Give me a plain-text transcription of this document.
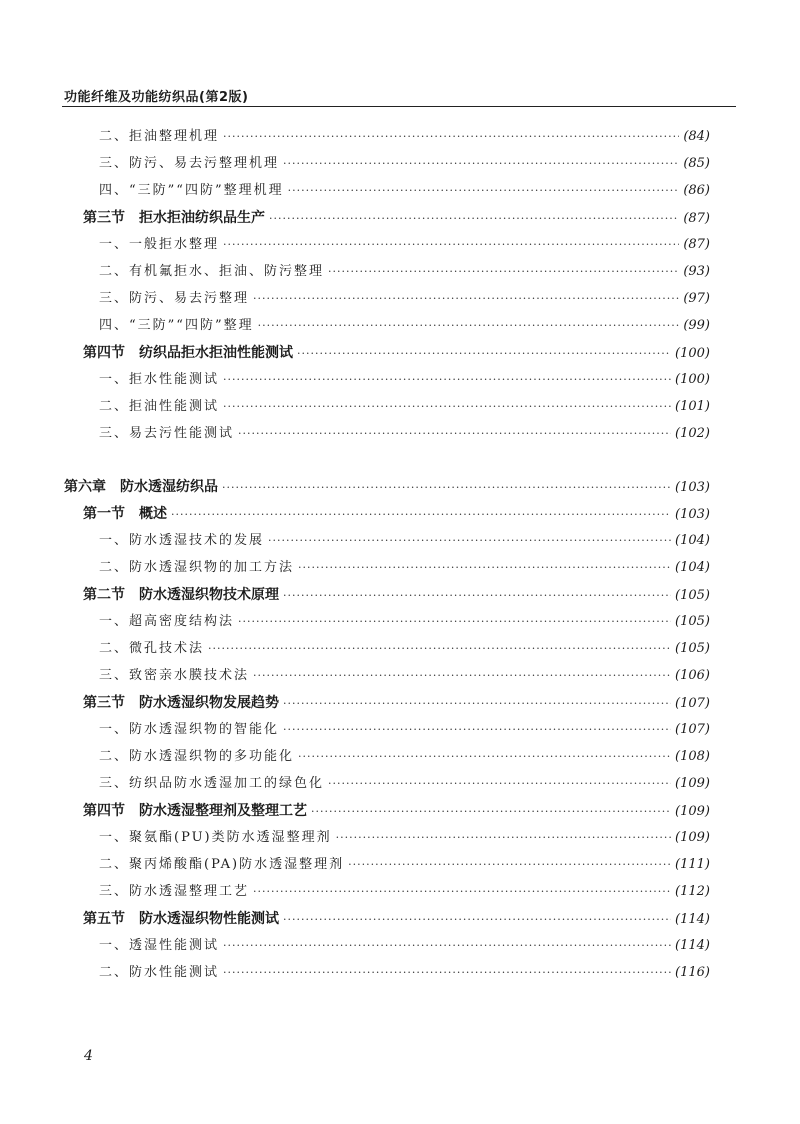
功能纤维及功能纺织品(第2版)
二、拒油整理机理 ·····	(84)
三、防污、易去污整理机理 ·····	(85)
四、“三防”“四防”整理机理 ·····	(86)
第三节　拒水拒油纺织品生产 ·····	(87)
一、一般拒水整理 ·····	(87)
二、有机氟拒水、拒油、防污整理 ·····	(93)
三、防污、易去污整理 ·····	(97)
四、“三防”“四防”整理 ·····	(99)
第四节　纺织品拒水拒油性能测试 ·····	(100)
一、拒水性能测试 ·····	(100)
二、拒油性能测试 ·····	(101)
三、易去污性能测试 ·····	(102)
第六章　防水透湿纺织品 ·····	(103)
第一节　概述 ·····	(103)
一、防水透湿技术的发展 ·····	(104)
二、防水透湿织物的加工方法 ·····	(104)
第二节　防水透湿织物技术原理 ·····	(105)
一、超高密度结构法 ·····	(105)
二、微孔技术法 ·····	(105)
三、致密亲水膜技术法 ·····	(106)
第三节　防水透湿织物发展趋势 ·····	(107)
一、防水透湿织物的智能化 ·····	(107)
二、防水透湿织物的多功能化 ·····	(108)
三、纺织品防水透湿加工的绿色化 ·····	(109)
第四节　防水透湿整理剂及整理工艺 ·····	(109)
一、聚氨酯(PU)类防水透湿整理剂 ·····	(109)
二、聚丙烯酸酯(PA)防水透湿整理剂 ·····	(111)
三、防水透湿整理工艺 ·····	(112)
第五节　防水透湿织物性能测试 ·····	(114)
一、透湿性能测试 ·····	(114)
二、防水性能测试 ·····	(116)
4
